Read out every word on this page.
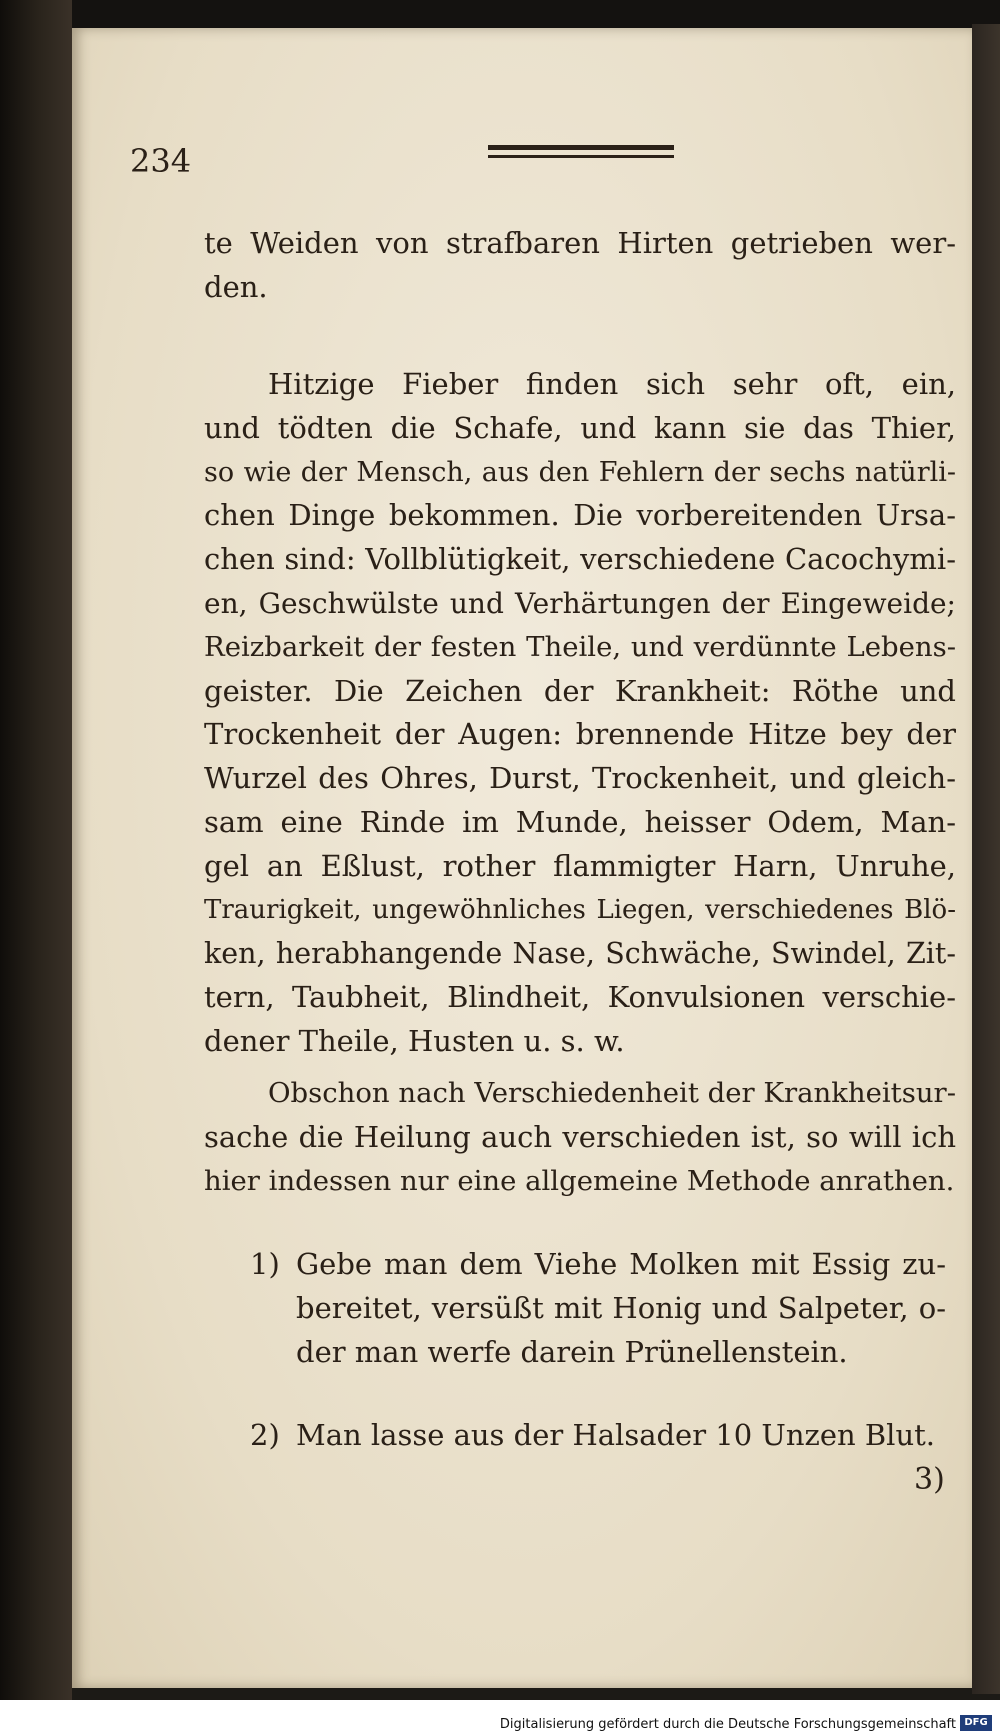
234
te Weiden von strafbaren Hirten getrieben wer-
den.
Hitzige Fieber finden sich sehr oft, ein,
und tödten die Schafe, und kann sie das Thier,
so wie der Mensch, aus den Fehlern der sechs natürli-
chen Dinge bekommen. Die vorbereitenden Ursa-
chen sind: Vollblütigkeit, verschiedene Cacochymi-
en, Geschwülste und Verhärtungen der Eingeweide;
Reizbarkeit der festen Theile, und verdünnte Lebens-
geister. Die Zeichen der Krankheit: Röthe und
Trockenheit der Augen: brennende Hitze bey der
Wurzel des Ohres, Durst, Trockenheit, und gleich-
sam eine Rinde im Munde, heisser Odem, Man-
gel an Eßlust, rother flammigter Harn, Unruhe,
Traurigkeit, ungewöhnliches Liegen, verschiedenes Blö-
ken, herabhangende Nase, Schwäche, Swindel, Zit-
tern, Taubheit, Blindheit, Konvulsionen verschie-
dener Theile, Husten u. s. w.
Obschon nach Verschiedenheit der Krankheitsur-
sache die Heilung auch verschieden ist, so will ich
hier indessen nur eine allgemeine Methode anrathen.
1) Gebe man dem Viehe Molken mit Essig zu-
bereitet, versüßt mit Honig und Salpeter, o-
der man werfe darein Prünellenstein.
2) Man lasse aus der Halsader 10 Unzen Blut.
3)
Digitalisierung gefördert durch die Deutsche Forschungsgemeinschaft DFG
